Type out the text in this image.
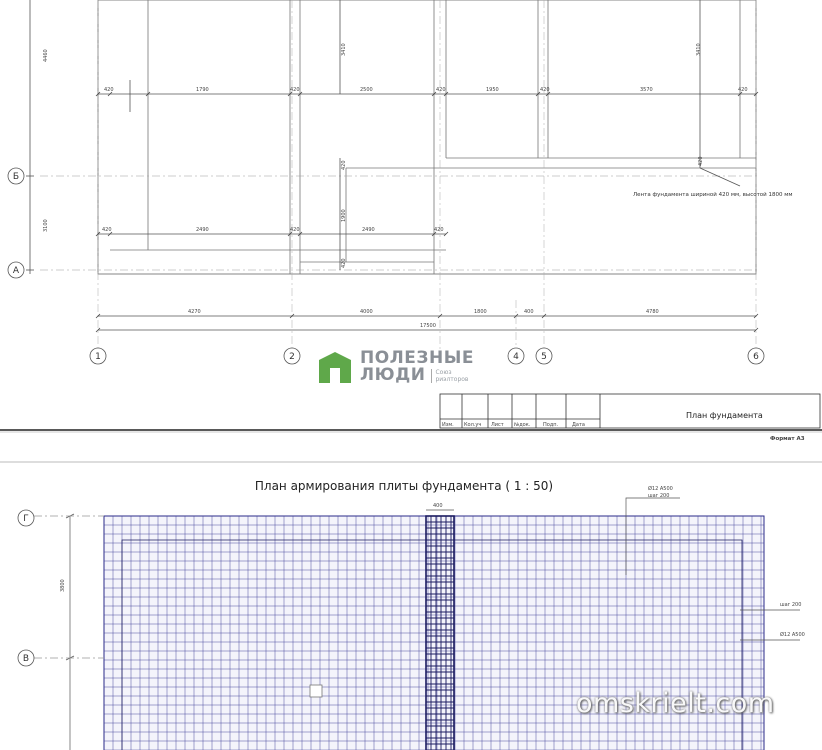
420	1790	420	2500	420	1950	420	3570	420
420	2490	420	2490	420
4270	4000	1800	400	4780
17500
4460
3100
3410	3410
420	420
1900
420
Лента фундамента шириной 420 мм, высотой 1800 мм
1	2	4 5	6
Б
А
Изм. Кол.уч Лист №док.	Подп.	Дата
План фундамента
Формат А3
План армирования плиты фундамента ( 1 : 50)
400
3800
Ø12 А500
шаг 200
шаг 200
Ø12 А500
Г
В
ПОЛЕЗНЫЕ
ЛЮДИ	Союз
риэлторов
omskrielt.com
